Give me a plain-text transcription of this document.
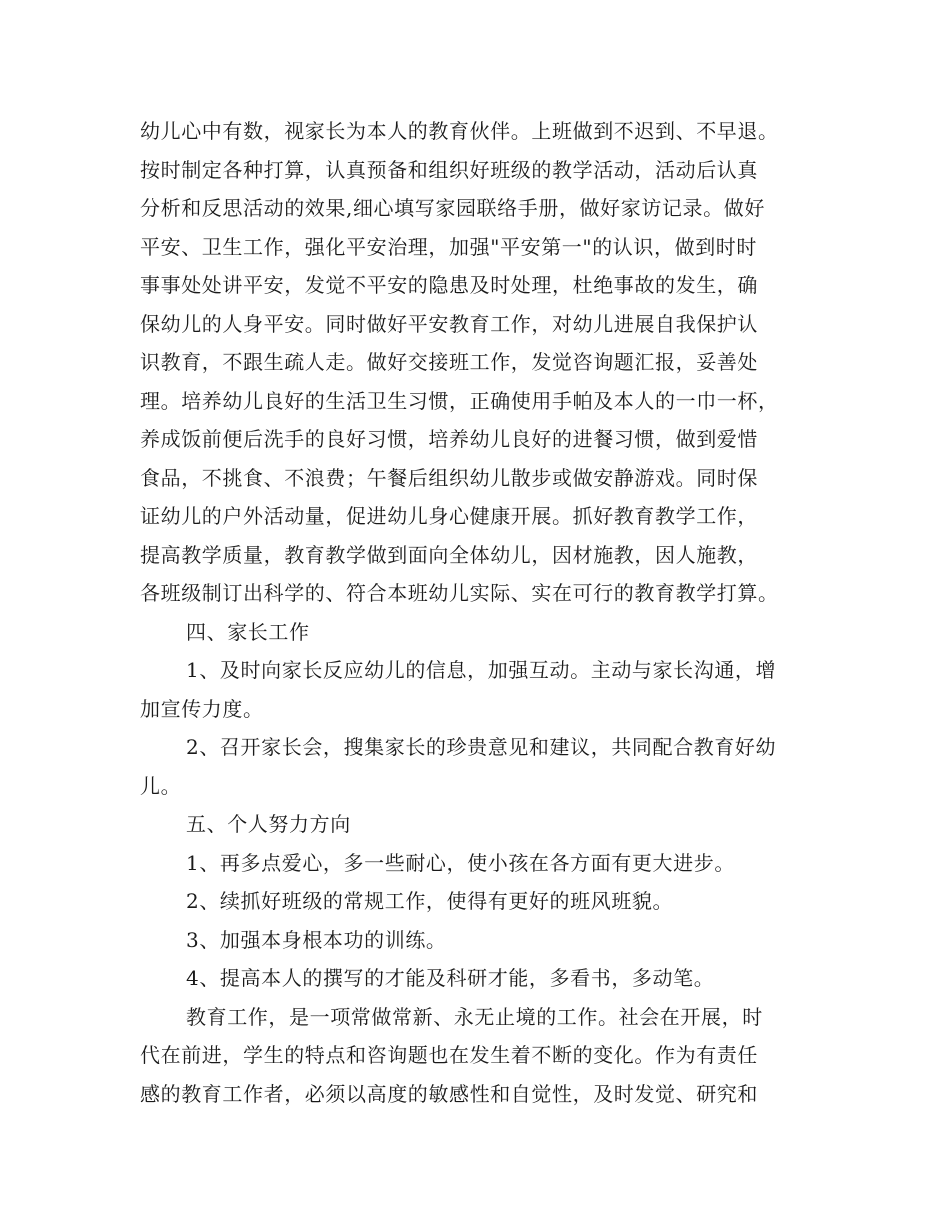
幼儿心中有数，视家长为本人的教育伙伴。上班做到不迟到、不早退。
按时制定各种打算，认真预备和组织好班级的教学活动，活动后认真
分析和反思活动的效果,细心填写家园联络手册，做好家访记录。做好
平安、卫生工作，强化平安治理，加强"平安第一"的认识，做到时时
事事处处讲平安，发觉不平安的隐患及时处理，杜绝事故的发生，确
保幼儿的人身平安。同时做好平安教育工作，对幼儿进展自我保护认
识教育，不跟生疏人走。做好交接班工作，发觉咨询题汇报，妥善处
理。培养幼儿良好的生活卫生习惯，正确使用手帕及本人的一巾一杯，
养成饭前便后洗手的良好习惯，培养幼儿良好的进餐习惯，做到爱惜
食品，不挑食、不浪费；午餐后组织幼儿散步或做安静游戏。同时保
证幼儿的户外活动量，促进幼儿身心健康开展。抓好教育教学工作，
提高教学质量，教育教学做到面向全体幼儿，因材施教，因人施教，
各班级制订出科学的、符合本班幼儿实际、实在可行的教育教学打算。
四、家长工作
1、及时向家长反应幼儿的信息，加强互动。主动与家长沟通，增
加宣传力度。
2、召开家长会，搜集家长的珍贵意见和建议，共同配合教育好幼
儿。
五、个人努力方向
1、再多点爱心，多一些耐心，使小孩在各方面有更大进步。
2、续抓好班级的常规工作，使得有更好的班风班貌。
3、加强本身根本功的训练。
4、提高本人的撰写的才能及科研才能，多看书，多动笔。
教育工作，是一项常做常新、永无止境的工作。社会在开展，时
代在前进，学生的特点和咨询题也在发生着不断的变化。作为有责任
感的教育工作者，必须以高度的敏感性和自觉性，及时发觉、研究和
